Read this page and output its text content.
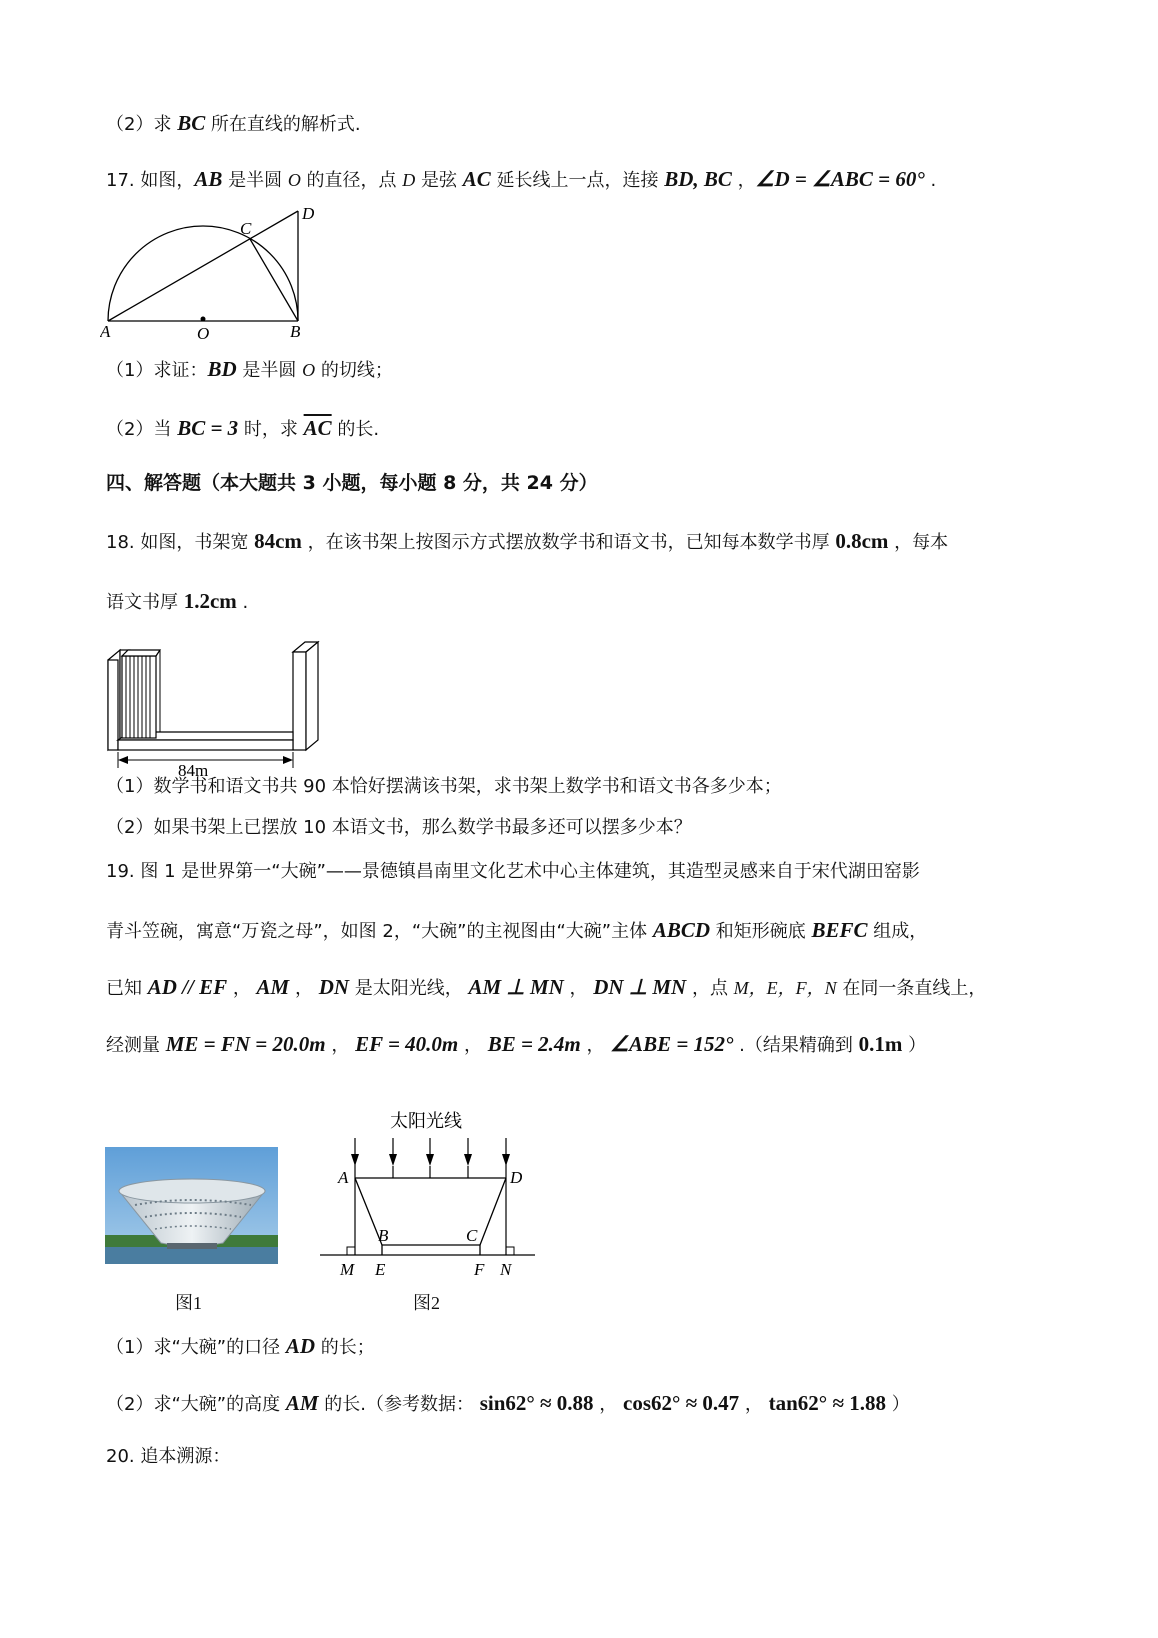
（2）求 BC 所在直线的解析式.
17. 如图，AB 是半圆 O 的直径，点 D 是弦 AC 延长线上一点，连接 BD, BC ，∠D = ∠ABC = 60° .
A	O	B
C
D
（1）求证：BD 是半圆 O 的切线；
（2）当 BC = 3 时，求 $\overline{AC}$ 的长.
四、解答题（本大题共 3 小题，每小题 8 分，共 24 分）
18. 如图，书架宽 84cm ，在该书架上按图示方式摆放数学书和语文书，已知每本数学书厚 0.8cm ，每本
语文书厚 1.2cm .
84m
（1）数学书和语文书共 90 本恰好摆满该书架，求书架上数学书和语文书各多少本；
（2）如果书架上已摆放 10 本语文书，那么数学书最多还可以摆多少本？
19. 图 1 是世界第一“大碗”——景德镇昌南里文化艺术中心主体建筑，其造型灵感来自于宋代湖田窑影
青斗笠碗，寓意“万瓷之母”，如图 2，“大碗”的主视图由“大碗”主体 ABCD 和矩形碗底 BEFC 组成，
已知 AD // EF ， AM ， DN 是太阳光线， AM ⊥ MN ， DN ⊥ MN ，点 M，E，F，N 在同一条直线上，
经测量 ME = FN = 20.0m ， EF = 40.0m ， BE = 2.4m ， ∠ABE = 152° .（结果精确到 0.1m ）
图1
太阳光线
A	D
B	C
M E	F N
图2
（1）求“大碗”的口径 AD 的长；
（2）求“大碗”的高度 AM 的长.（参考数据： sin62° ≈ 0.88 ， cos62° ≈ 0.47 ， tan62° ≈ 1.88 ）
20. 追本溯源：
